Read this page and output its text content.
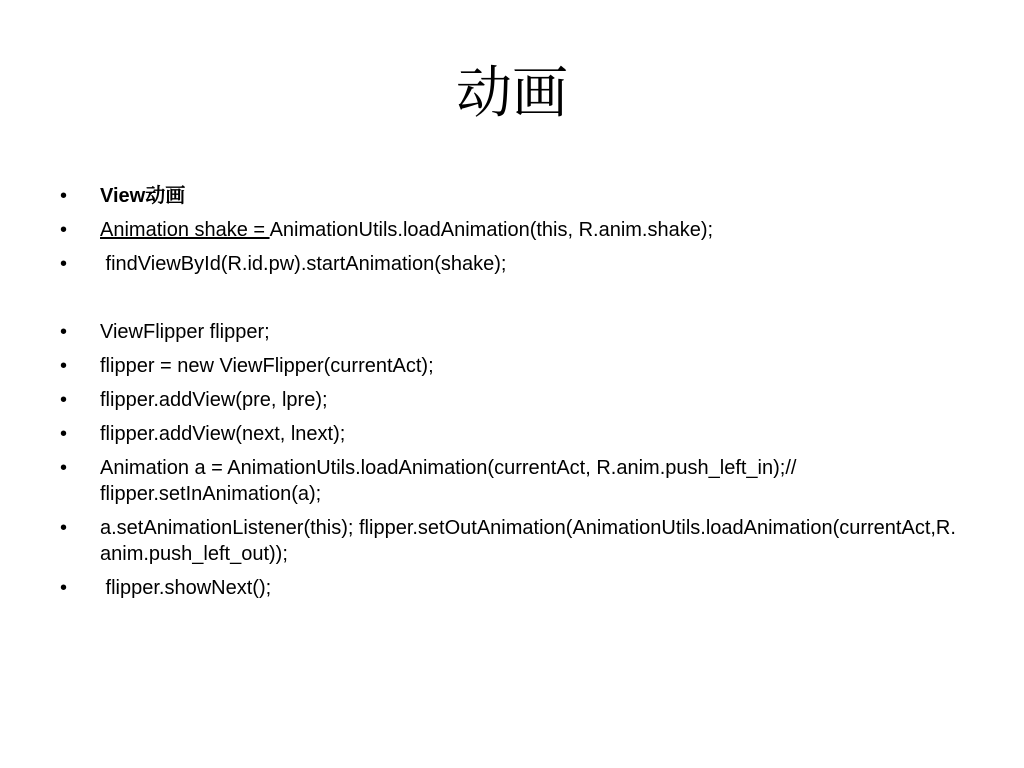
动画
•	View动画
•	Animation shake = AnimationUtils.loadAnimation(this, R.anim.shake);
•	findViewById(R.id.pw).startAnimation(shake);
•	ViewFlipper flipper;
•	flipper = new ViewFlipper(currentAct);
•	flipper.addView(pre, lpre);
•	flipper.addView(next, lnext);
•	Animation a = AnimationUtils.loadAnimation(currentAct, R.anim.push_left_in);// flipper.setInAnimation(a);
•	a.setAnimationListener(this); flipper.setOutAnimation(AnimationUtils.loadAnimation(currentAct,R.anim.push_left_out));
•	flipper.showNext();
